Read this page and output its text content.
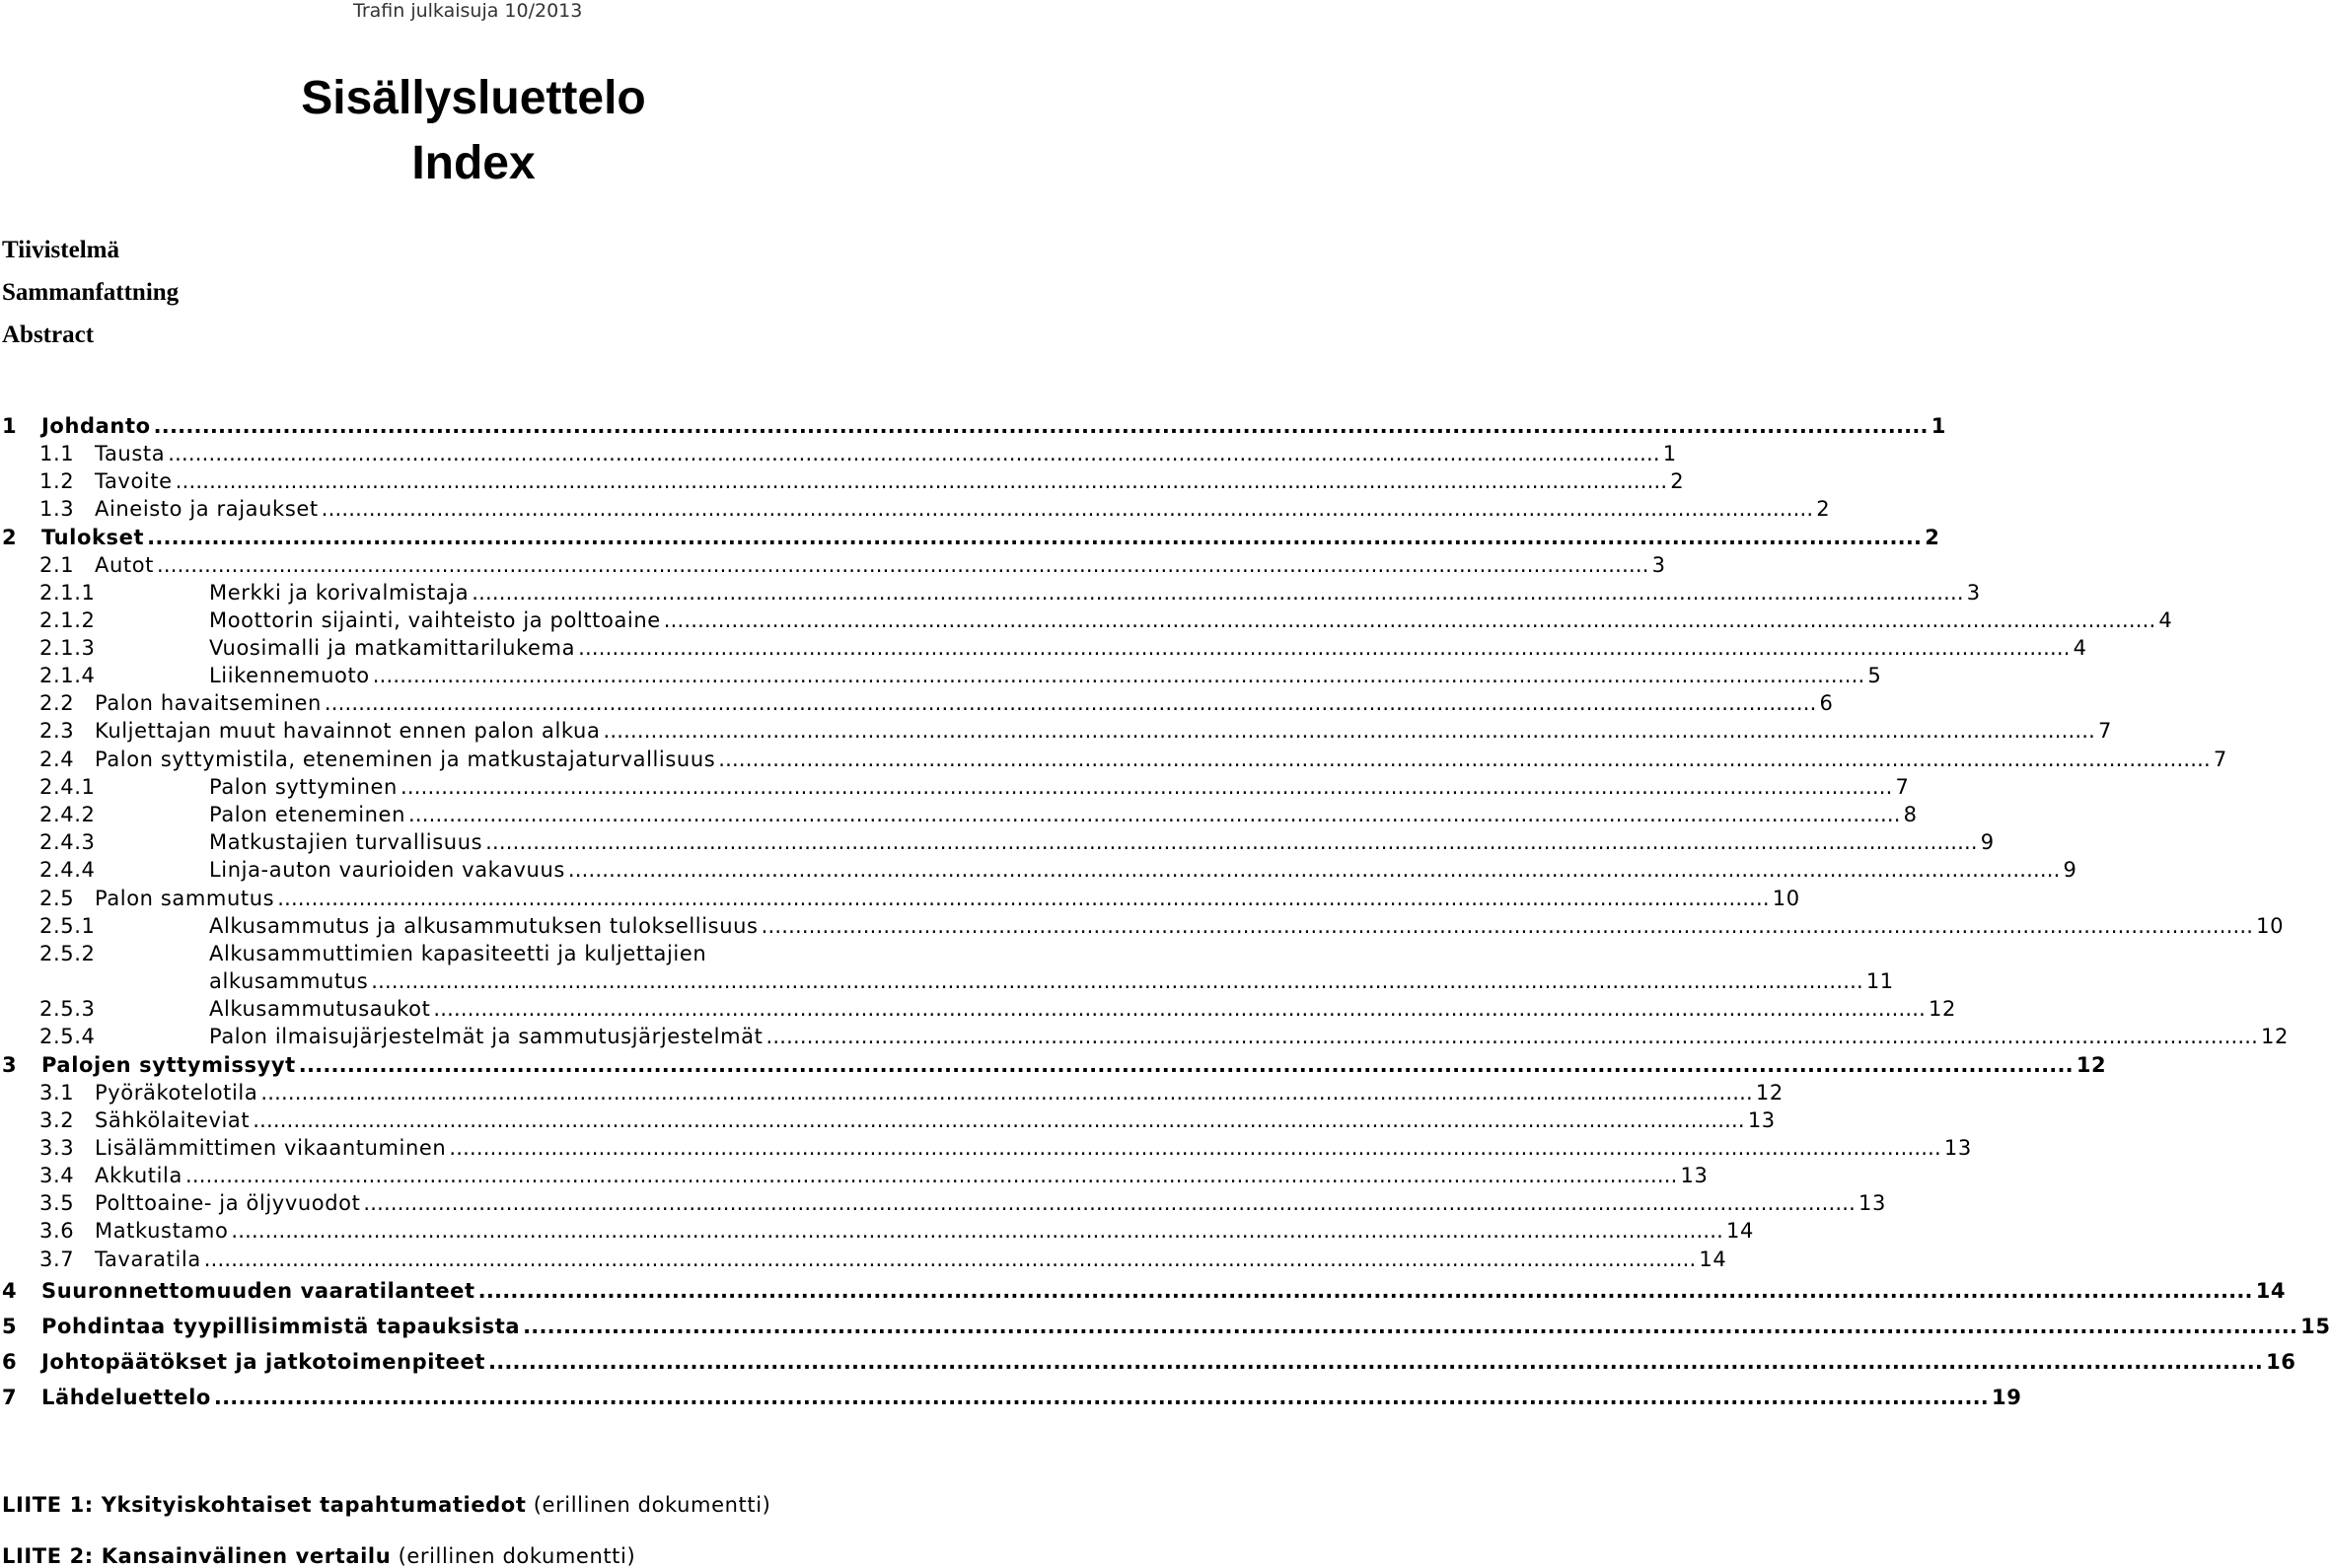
Trafin julkaisuja 10/2013
Sisällysluettelo
Index
Tiivistelmä
Sammanfattning
Abstract
1	Johdanto ............................................................................................................................................................................................................................ 1
1.1 Tausta ............................................................................................................................................................................................................................ 1
1.2 Tavoite ............................................................................................................................................................................................................................ 2
1.3 Aineisto ja rajaukset ............................................................................................................................................................................................................................ 2
2	Tulokset ............................................................................................................................................................................................................................ 2
2.1 Autot ............................................................................................................................................................................................................................ 3
2.1.1	Merkki ja korivalmistaja ............................................................................................................................................................................................................................ 3
2.1.2	Moottorin sijainti, vaihteisto ja polttoaine ............................................................................................................................................................................................................................ 4
2.1.3	Vuosimalli ja matkamittarilukema ............................................................................................................................................................................................................................ 4
2.1.4	Liikennemuoto ............................................................................................................................................................................................................................ 5
2.2 Palon havaitseminen ............................................................................................................................................................................................................................ 6
2.3 Kuljettajan muut havainnot ennen palon alkua ............................................................................................................................................................................................................................ 7
2.4 Palon syttymistila, eteneminen ja matkustajaturvallisuus ............................................................................................................................................................................................................................ 7
2.4.1	Palon syttyminen ............................................................................................................................................................................................................................ 7
2.4.2	Palon eteneminen ............................................................................................................................................................................................................................ 8
2.4.3	Matkustajien turvallisuus ............................................................................................................................................................................................................................ 9
2.4.4	Linja-auton vaurioiden vakavuus ............................................................................................................................................................................................................................ 9
2.5 Palon sammutus ............................................................................................................................................................................................................................ 10
2.5.1	Alkusammutus ja alkusammutuksen tuloksellisuus ............................................................................................................................................................................................................................ 10
2.5.2	Alkusammuttimien kapasiteetti ja kuljettajien
alkusammutus ............................................................................................................................................................................................................................ 11
2.5.3	Alkusammutusaukot ............................................................................................................................................................................................................................ 12
2.5.4	Palon ilmaisujärjestelmät ja sammutusjärjestelmät ............................................................................................................................................................................................................................ 12
3	Palojen syttymissyyt ............................................................................................................................................................................................................................ 12
3.1 Pyöräkotelotila ............................................................................................................................................................................................................................ 12
3.2 Sähkölaiteviat ............................................................................................................................................................................................................................ 13
3.3 Lisälämmittimen vikaantuminen ............................................................................................................................................................................................................................ 13
3.4 Akkutila ............................................................................................................................................................................................................................ 13
3.5 Polttoaine- ja öljyvuodot ............................................................................................................................................................................................................................ 13
3.6 Matkustamo ............................................................................................................................................................................................................................ 14
3.7 Tavaratila ............................................................................................................................................................................................................................ 14
4	Suuronnettomuuden vaaratilanteet ............................................................................................................................................................................................................................ 14
5	Pohdintaa tyypillisimmistä tapauksista ............................................................................................................................................................................................................................ 15
6	Johtopäätökset ja jatkotoimenpiteet ............................................................................................................................................................................................................................ 16
7	Lähdeluettelo ............................................................................................................................................................................................................................ 19
LIITE 1: Yksityiskohtaiset tapahtumatiedot (erillinen dokumentti)
LIITE 2: Kansainvälinen vertailu (erillinen dokumentti)
